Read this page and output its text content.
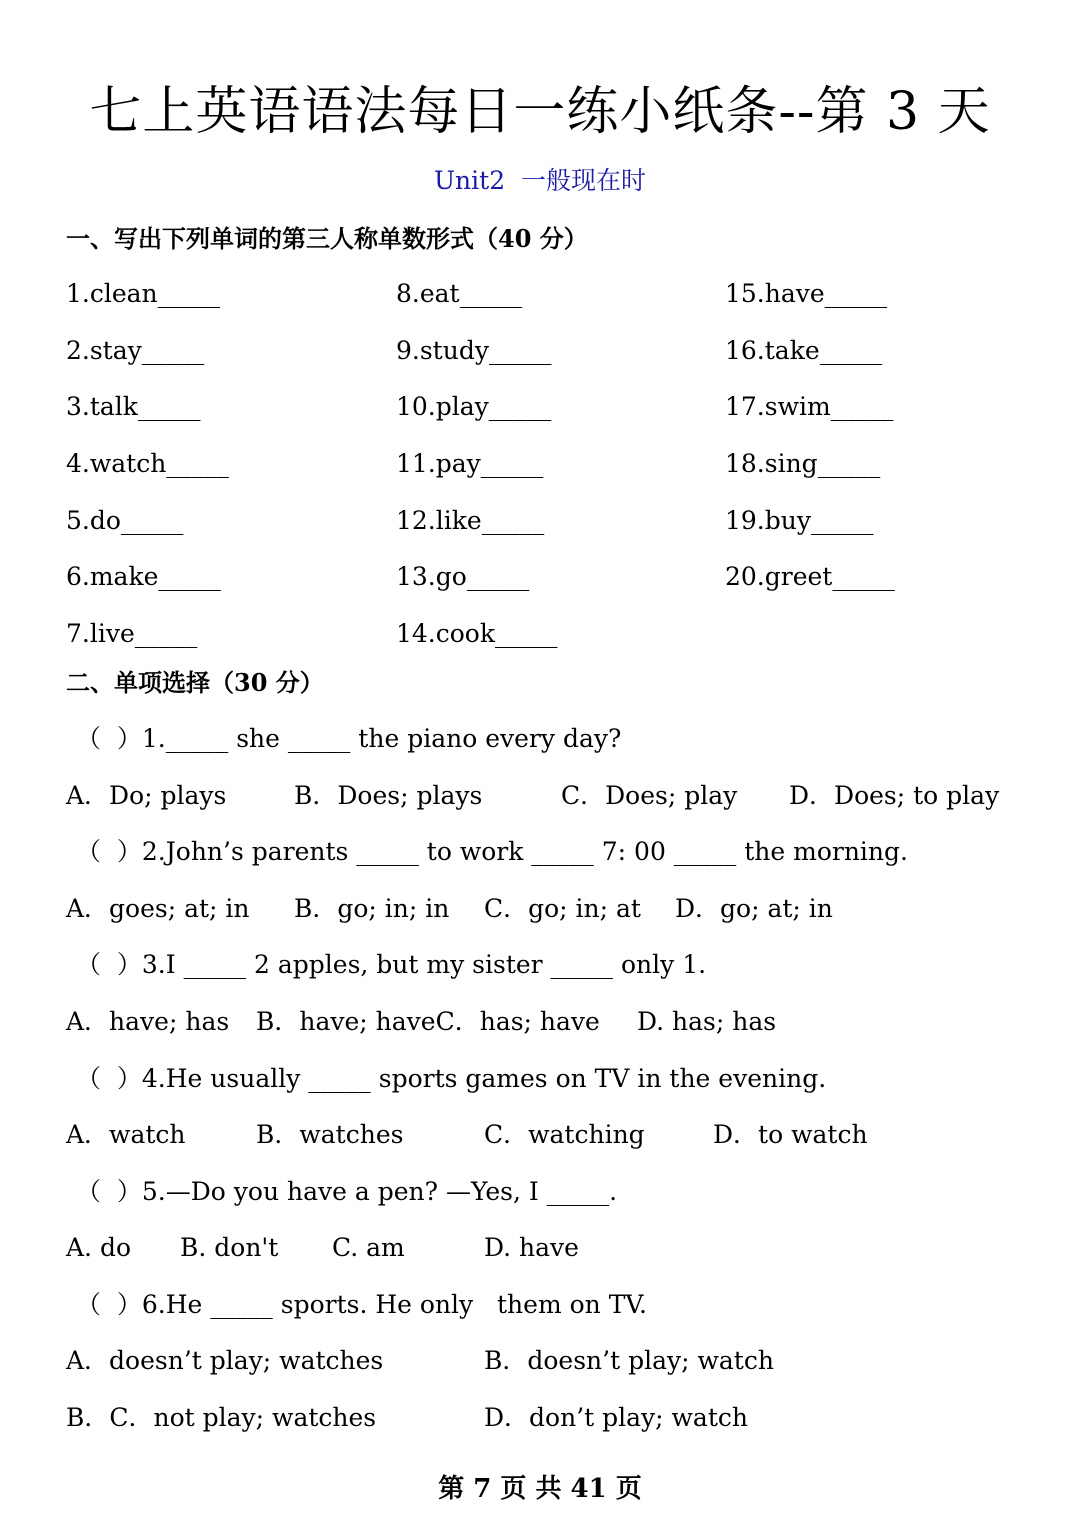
七上英语语法每日一练小纸条--第 3 天
Unit2  一般现在时
一、写出下列单词的第三人称单数形式（40 分）
1.clean_____
2.stay_____
3.talk_____
4.watch_____
5.do_____
6.make_____
7.live_____
8.eat_____
9.study_____
10.play_____
11.pay_____
12.like_____
13.go_____
14.cook_____
15.have_____
16.take_____
17.swim_____
18.sing_____
19.buy_____
20.greet_____
二、单项选择（30 分）
（  ）1._____ she _____ the piano every day?
A．Do; plays	B．Does; plays	C．Does; play D．Does; to play
（  ）2.John’s parents _____ to work _____ 7: 00 _____ the morning.
A．goes; at; in B．go; in; in C．go; in; at D．go; at; in
（  ）3.I _____ 2 apples, but my sister _____ only 1.
A．have; has B．have; haveC．has; have D. has; has
（  ）4.He usually _____ sports games on TV in the evening.
A．watch	B．watches	C．watching	D．to watch
（  ）5.—Do you have a pen? —Yes, I _____.
A. do B. don't C. am	D. have
（  ）6.He _____ sports. He only   them on TV.
A．doesn’t play; watches	B．doesn’t play; watch
B．C．not play; watches	D．don’t play; watch
第 7 页 共 41 页
